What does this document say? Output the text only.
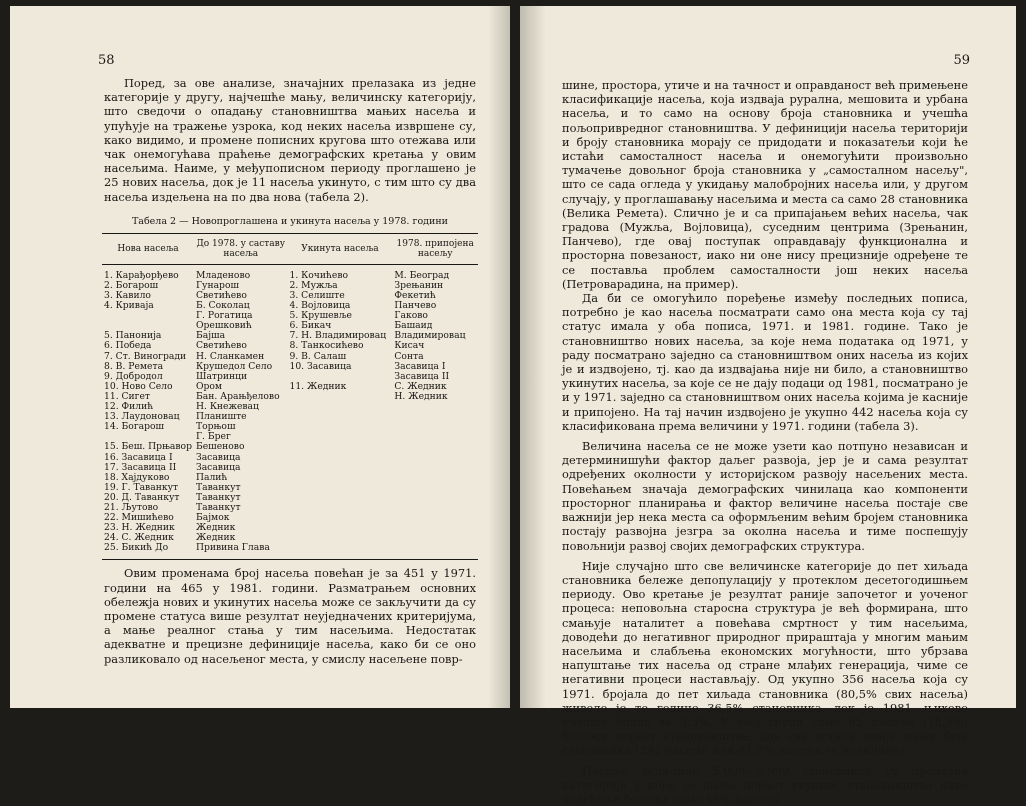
58

Поред, за ове анализе, значајних прелазака из једне категорије у другу, најчешће мању, величинску категорију, што сведочи о опадању становништва мањих насеља и упућује на тражење узрока, код неких насеља извршене су, како видимо, и промене пописних кругова што отежава или чак онемогућава праћење демографских кретања у овим насељима. Наиме, у међупописном периоду проглашено је 25 нових насеља, док је 11 насеља укинуто, с тим што су два насеља издељена на по два нова (табела 2).

Табела 2 — Новопроглашена и укинута насеља у 1978. години
Нова насеља	До 1978. у саставу насеља	Укинута насеља	1978. припојена насељу
1. Карађорђево	Младеново	1. Кочићево	М. Београд
2. Богарош	Гунарош	2. Мужља	Зрењанин
3. Кавило	Светићево	3. Селиште	Фекетић
4. Криваја	Б. Соколац	4. Војловица	Панчево
	Г. Рогатица	5. Крушевље	Гаково
	Орешковић	6. Бикач	Башаид
5. Панонија	Бајша	7. Н. Владимировац	Владимировац
6. Победа	Светићево	8. Танкосићево	Кисач
7. Ст. Виногради	Н. Сланкамен	9. В. Салаш	Сонта
8. В. Ремета	Крушедол Село	10. Засавица	Засавица I
9. Добродол	Шатринци		Засавица II
10. Ново Село	Ором	11. Жедник	С. Жедник
11. Сигет	Бан. Арањђелово		Н. Жедник
12. Филић	Н. Кнежевац		
13. Лаудоновац	Планиште		
14. Богарош	Торњош		
	Г. Брег		
15. Беш. Прњавор	Бешеново		
16. Засавица I	Засавица		
17. Засавица II	Засавица		
18. Хајдуково	Палић		
19. Г. Таванкут	Таванкут		
20. Д. Таванкут	Таванкут		
21. Љутово	Таванкут		
22. Мишићево	Бајмок		
23. Н. Жедник	Жедник		
24. С. Жедник	Жедник		
25. Бикић До	Привина Глава		

Овим променама број насеља повећан је за 451 у 1971. години на 465 у 1981. години. Разматрањем основних обележја нових и укинутих насеља може се закључити да су промене статуса више резултат неуједначених критеријума, а мање реалног стања у тим насељима. Недостатак адекватне и прецизне дефиниције насеља, како би се оно разликовало од насељеног места, у смислу насељене повр-

59

шине, простора, утиче и на тачност и оправданост већ примењене класификације насеља, која издваја рурална, мешовита и урбана насеља, и то само на основу броја становника и учешћа пољопривредног становништва. У дефиницији насеља територији и броју становника морају се придодати и показатељи који ће истаћи самосталност насеља и онемогућити произвољно тумачење довољног броја становника у „самосталном насељу", што се сада огледа у укидању малобројних насеља или, у другом случају, у проглашавању насељима и места са само 28 становника (Велика Ремета). Слично је и са припајањем већих насеља, чак градова (Мужља, Војловица), суседним центрима (Зрењанин, Панчево), где овај поступак оправдавају функционална и просторна повезаност, иако ни оне нису прецизније одређене те се поставља проблем самосталности још неких насеља (Петроварадина, на пример).

Да би се омогућило поређење између последњих пописа, потребно је као насеља посматрати само она места која су тај статус имала у оба пописа, 1971. и 1981. године. Тако је становништво нових насеља, за које нема података од 1971, у раду посматрано заједно са становништвом оних насеља из којих је и издвојено, тј. као да издвајања није ни било, а становништво укинутих насеља, за које се не дају подаци од 1981, посматрано је и у 1971. заједно са становништвом оних насеља којима је касније и припојено. На тај начин издвојено је укупно 442 насеља која су класификована према величини у 1971. години (табела 3).

Величина насеља се не може узети као потпуно независан и детерминишући фактор даљег развоја, јер је и сама резултат одређених околности у историјском развоју насељених места. Повећањем значаја демографских чинилаца као компоненти просторног планирања и фактор величине насеља постаје све важнији јер нека места са оформљеним већим бројем становника постају развојна језгра за околна насеља и тиме поспешују повољнији развој својих демографских структура.

Није случајно што све величинске категорије до пет хиљада становника бележе депопулацију у протеклом десетогодишњем периоду. Ово кретање је резултат раније започетог и уоченог процеса: неповољна старосна структура је већ формирана, што смањује наталитет а повећава смртност у тим насељима, доводећи до негативног природног прираштаја у многим мањим насељима и слабљења економских могућности, што убрзава напуштање тих насеља од стране млађих генерација, чиме се негативни процеси настављају. Од укупно 356 насеља која су 1971. бројала до пет хиљада становника (80,5% свих насеља) живело је те године 36,5% становника, док је 1981. њихово учешће опало за 3,3%. У овој групи само 65 насеља (18,3%) бележи пораст становништва, док сва остала имају мањи број становника (291 насеље или 81,7% насеља те величине).

Насеља величине 5.000—9.999 становника су прелазна категорија у којој се јавља пораст укупног становништва иако повећање бележи само 46% насеља.
